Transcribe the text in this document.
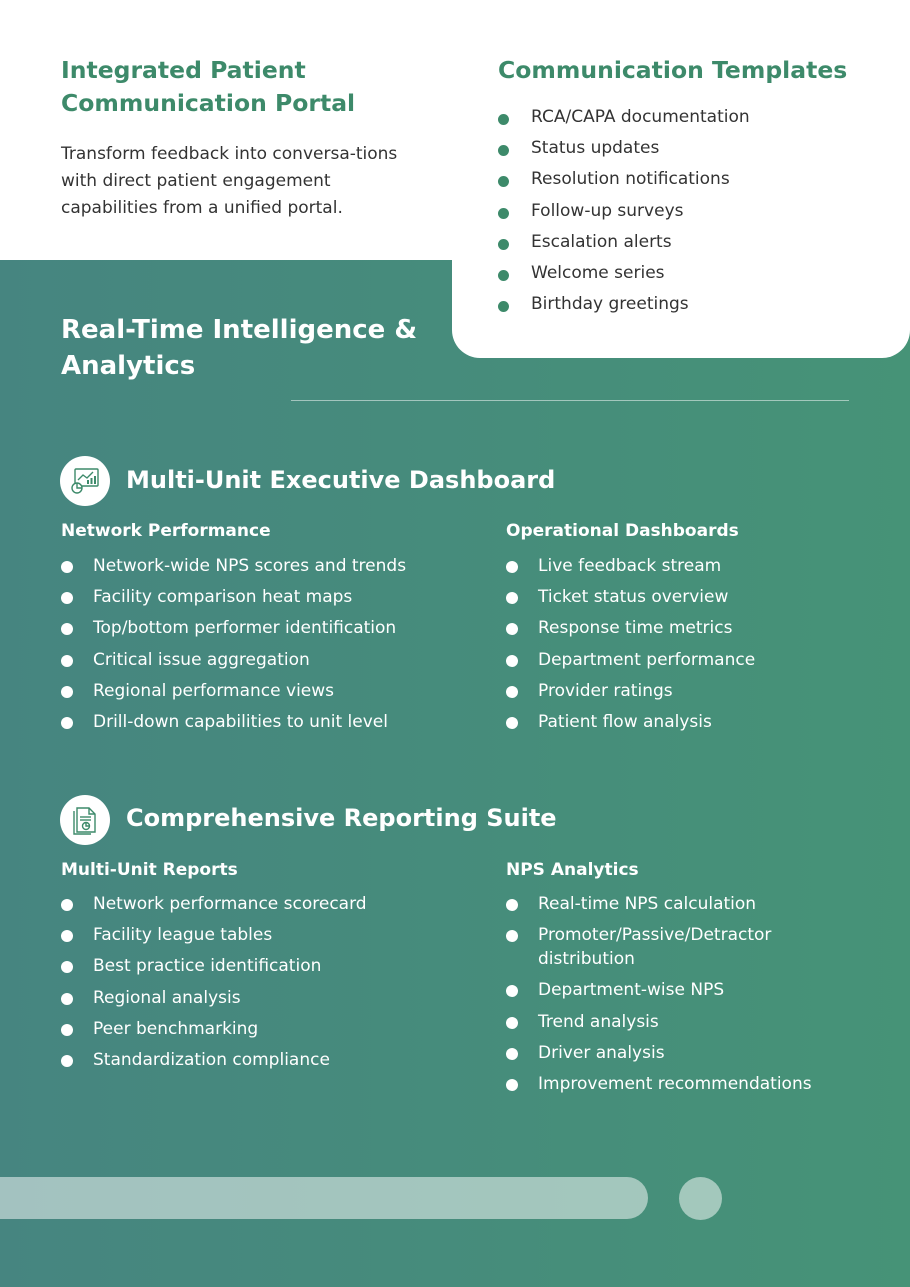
Integrated Patient Communication Portal

Transform feedback into conversa-tions with direct patient engagement capabilities from a unified portal.

Communication Templates
RCA/CAPA documentation
Status updates
Resolution notifications
Follow-up surveys
Escalation alerts
Welcome series
Birthday greetings
Real-Time Intelligence & Analytics
Multi-Unit Executive Dashboard
Network Performance
Network-wide NPS scores and trends
Facility comparison heat maps
Top/bottom performer identification
Critical issue aggregation
Regional performance views
Drill-down capabilities to unit level
Operational Dashboards
Live feedback stream
Ticket status overview
Response time metrics
Department performance
Provider ratings
Patient flow analysis
Comprehensive Reporting Suite
Multi-Unit Reports
Network performance scorecard
Facility league tables
Best practice identification
Regional analysis
Peer benchmarking
Standardization compliance
NPS Analytics
Real-time NPS calculation
Promoter/Passive/Detractor distribution
Department-wise NPS
Trend analysis
Driver analysis
Improvement recommendations
